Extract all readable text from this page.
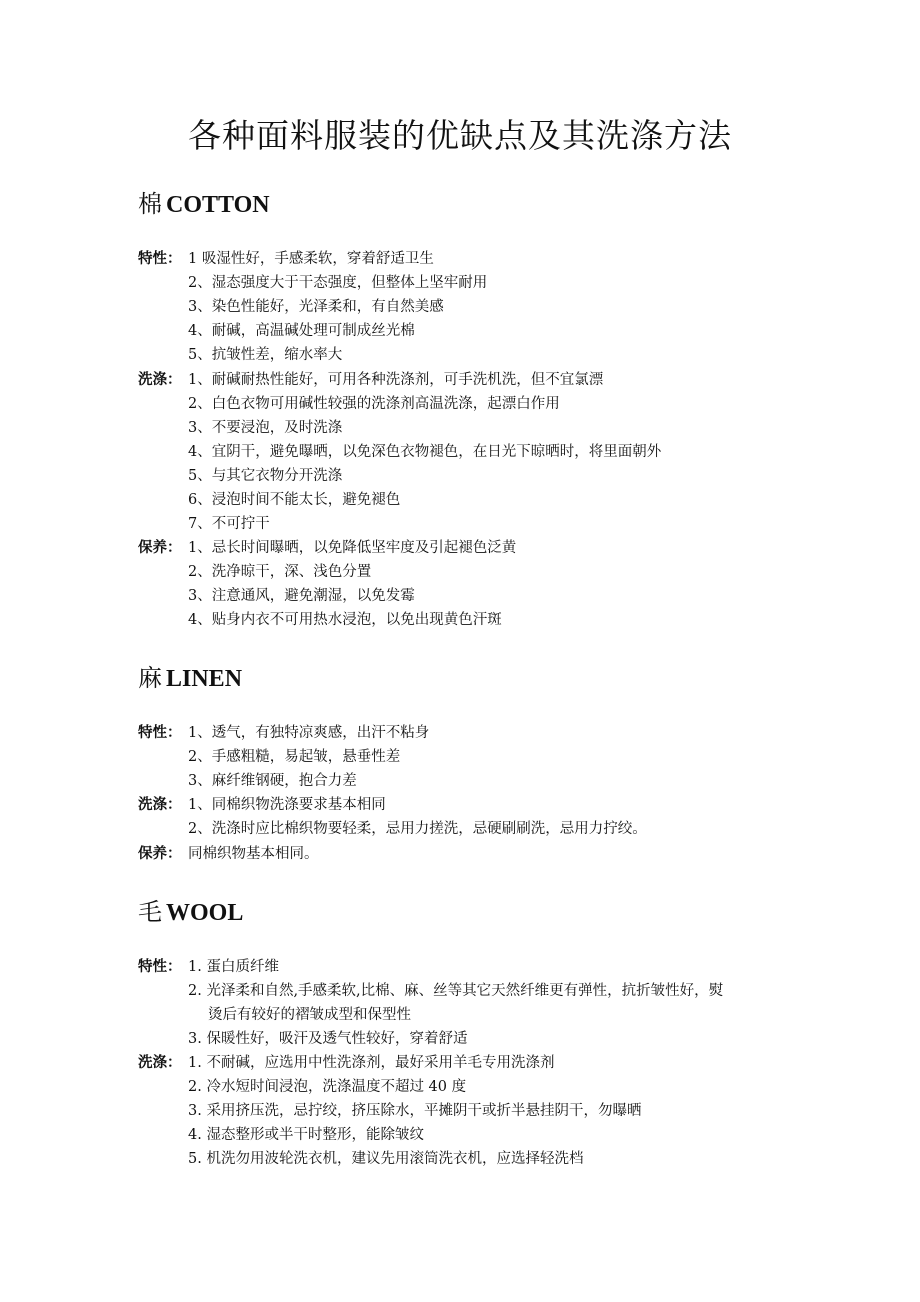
各种面料服装的优缺点及其洗涤方法
棉 COTTON
特性： 1 吸湿性好，手感柔软，穿着舒适卫生
2、湿态强度大于干态强度，但整体上坚牢耐用
3、染色性能好，光泽柔和，有自然美感
4、耐碱，高温碱处理可制成丝光棉
5、抗皱性差，缩水率大
洗涤： 1、耐碱耐热性能好，可用各种洗涤剂，可手洗机洗，但不宜氯漂
2、白色衣物可用碱性较强的洗涤剂高温洗涤，起漂白作用
3、不要浸泡，及时洗涤
4、宜阴干，避免曝晒，以免深色衣物褪色，在日光下晾晒时，将里面朝外
5、与其它衣物分开洗涤
6、浸泡时间不能太长，避免褪色
7、不可拧干
保养： 1、忌长时间曝晒，以免降低坚牢度及引起褪色泛黄
2、洗净晾干，深、浅色分置
3、注意通风，避免潮湿，以免发霉
4、贴身内衣不可用热水浸泡，以免出现黄色汗斑
麻 LINEN
特性： 1、透气，有独特凉爽感，出汗不粘身
2、手感粗糙，易起皱，悬垂性差
3、麻纤维钢硬，抱合力差
洗涤： 1、同棉织物洗涤要求基本相同
2、洗涤时应比棉织物要轻柔，忌用力搓洗，忌硬刷刷洗，忌用力拧绞。
保养： 同棉织物基本相同。
毛 WOOL
特性： 1. 蛋白质纤维
2. 光泽柔和自然,手感柔软,比棉、麻、丝等其它天然纤维更有弹性，抗折皱性好，熨
烫后有较好的褶皱成型和保型性
3. 保暖性好，吸汗及透气性较好，穿着舒适
洗涤： 1. 不耐碱，应选用中性洗涤剂，最好采用羊毛专用洗涤剂
2. 冷水短时间浸泡，洗涤温度不超过 40 度
3. 采用挤压洗，忌拧绞，挤压除水，平摊阴干或折半悬挂阴干，勿曝晒
4. 湿态整形或半干时整形，能除皱纹
5. 机洗勿用波轮洗衣机，建议先用滚筒洗衣机，应选择轻洗档
